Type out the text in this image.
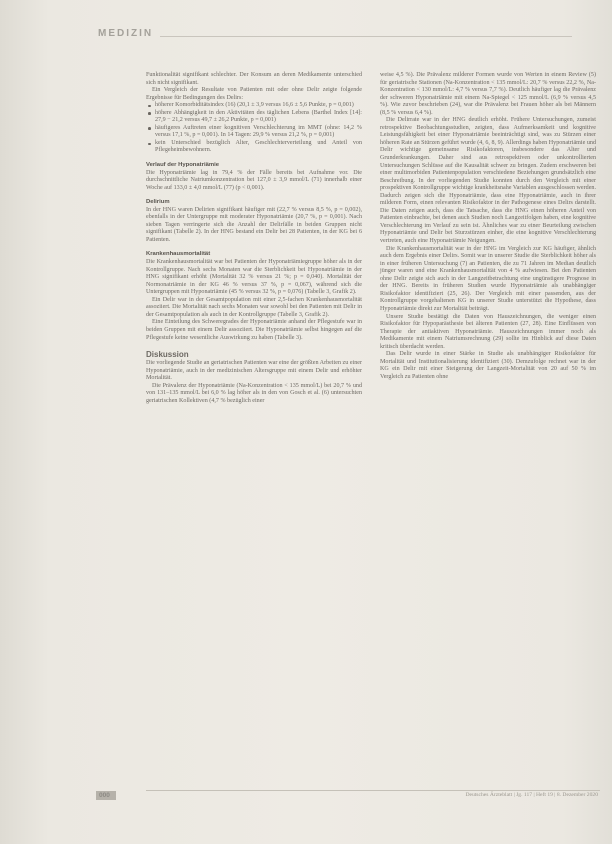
MEDIZIN

Funktionalität signifikant schlechter. Der Konsum an deren Medikamente unterschied sich nicht signifikant.

Ein Vergleich der Resultate von Patienten mit oder ohne Delir zeigte folgende Ergebnisse für Bedingungen des Delirs:

höherer Komorbiditätsindex (16) (20,1 ± 3,9 versus 16,6 ± 5,6 Punkte, p = 0,001)
höhere Abhängigkeit in den Aktivitäten des täglichen Lebens (Barthel Index [14]: 27,9 − 21,2 versus 49,7 ± 26,2 Punkte, p = 0,001)
häufigeres Auftreten einer kognitiven Verschlechterung im MMT (ohne: 14,2 % versus 17,1 %, p = 0,001). In 14 Tagen: 29,9 % versus 21,2 %, p = 0,001)
kein Unterschied bezüglich Alter, Geschlechterverteilung und Anteil von Pflegeheimbewohnern.
Verlauf der Hyponatriämie

Die Hyponatriämie lag in 79,4 % der Fälle bereits bei Aufnahme vor. Die durchschnittliche Natriumkonzentration bei 127,0 ± 3,9 mmol/L (71) innerhalb einer Woche auf 133,0 ± 4,0 mmol/L (77) (p < 0,001).

Delirium

In der HNG waren Delirien signifikant häufiger mit (22,7 % versus 8,5 %, p = 0,002), ebenfalls in der Untergruppe mit moderater Hyponatriämie (20,7 %, p = 0,001). Nach sieben Tagen verringerte sich die Anzahl der Delirfälle in beiden Gruppen nicht signifikant (Tabelle 2). In der HNG bestand ein Delir bei 28 Patienten, in der KG bei 6 Patienten.

Krankenhausmortalität

Die Krankenhausmortalität war bei Patienten der Hyponatriämiegruppe höher als in der Kontrollgruppe. Nach sechs Monaten war die Sterblichkeit bei Hyponatriämie in der HNG signifikant erhöht (Mortalität 32 % versus 21 %; p = 0,040). Mortalität der Normonatriämie in der KG 46 % versus 37 %, p = 0,067), während sich die Untergruppen mit Hyponatriämie (45 % versus 32 %, p = 0,076) (Tabelle 3, Grafik 2).

Ein Delir war in der Gesamtpopulation mit einer 2,5-fachen Krankenhausmortalität assoziiert. Die Mortalität nach sechs Monaten war sowohl bei den Patienten mit Delir in der Gesamtpopulation als auch in der Kontrollgruppe (Tabelle 3, Grafik 2).

Eine Einteilung des Schweregrades der Hyponatriämie anhand der Pflegestufe war in beiden Gruppen mit einem Delir assoziiert. Die Hyponatriämie selbst hingegen auf die Pflegestufe keine wesentliche Auswirkung zu haben (Tabelle 3).

Diskussion

Die vorliegende Studie an geriatrischen Patienten war eine der größten Arbeiten zu einer Hyponatriämie, auch in der medizinischen Altersgruppe mit einem Delir und erhöhter Mortalität.

Die Prävalenz der Hyponatriämie (Na-Konzentration < 135 mmol/L) bei 20,7 % und von 131–135 mmol/L bei 6,0 % lag höher als in den von Gosch et al. (6) untersuchten geriatrischen Kollektiven (4,7 % bezüglich einer

weise 4,5 %). Die Prävalenz milderer Formen wurde von Werten in einem Review (5) für geriatrische Stationen (Na-Konzentration < 135 mmol/L: 20,7 % versus 22,2 %, Na-Konzentration < 130 mmol/L: 4,7 % versus 7,7 %). Deutlich häufiger lag die Prävalenz der schweren Hyponatriämie mit einem Na-Spiegel < 125 mmol/L (6,9 % versus 4,5 %). Wie zuvor beschrieben (24), war die Prävalenz bei Frauen höher als bei Männern (8,5 % versus 6,4 %).

Die Delirrate war in der HNG deutlich erhöht. Frühere Untersuchungen, zumeist retrospektive Beobachtungsstudien, zeigten, dass Aufmerksamkeit und kognitive Leistungsfähigkeit bei einer Hyponatriämie beeinträchtigt sind, was zu Stürzen einer höheren Rate an Stürzen geführt wurde (4, 6, 8, 9). Allerdings haben Hyponatriämie und Delir wichtige gemeinsame Risikofaktoren, insbesondere das Alter und Grunderkrankungen. Daher sind aus retrospektiven oder unkontrollierten Untersuchungen Schlüsse auf die Kausalität schwer zu bringen. Zudem erschweren bei einer multimorbiden Patientenpopulation verschiedene Beziehungen grundsätzlich eine Beschreibung. In der vorliegenden Studie konnten durch den Vergleich mit einer prospektiven Kontrollgruppe wichtige krankheitsnahe Variablen ausgeschlossen werden. Dadurch zeigen sich die Hyponatriämie, dass eine Hyponatriämie, auch in ihrer milderen Form, einen relevanten Risikofaktor in der Pathogenese eines Delirs darstellt. Die Daten zeigen auch, dass die Tatsache, dass die HNG einen höheren Anteil von Patienten einbrachte, bei denen auch Studien noch Langzeitfolgen haben, eine kognitive Verschlechterung im Verlauf zu sein ist. Ähnliches war zu einer Beurteilung zwischen Hyponatriämie und Delir bei Sturzstürzen einher, die eine kognitive Verschlechterung vertreten, auch eine Hyponatriämie Neigungen.

Die Krankenhausmortalität war in der HNG im Vergleich zur KG häufiger, ähnlich auch dem Ergebnis einer Delirs. Somit war in unserer Studie die Sterblichkeit höher als in einer früheren Untersuchung (7) an Patienten, die zu 71 Jahren im Median deutlich jünger waren und eine Krankenhausmortalität von 4 % aufwiesen. Bei den Patienten ohne Delir zeigte sich auch in der Langzeitbetrachtung eine ungünstigere Prognose in der HNG. Bereits in früheren Studien wurde Hyponatriämie als unabhängiger Risikofaktor identifiziert (25, 26). Der Vergleich mit einer passenden, aus der Kontrollgruppe vorgehaltenen KG in unserer Studie unterstützt die Hypothese, dass Hyponatriämie direkt zur Mortalität beiträgt.

Unsere Studie bestätigt die Daten von Hauszeichnungen, die weniger einen Risikofaktor für Hypoparästhesie bei älteren Patienten (27, 28). Eine Einflüssen von Therapie der antiaktiven Hyponatriämie. Hauszeichnungen immer noch als Medikamente mit einem Natriumsrechnung (29) sollte im Hinblick auf diese Daten kritisch überdacht werden.

Das Delir wurde in einer Stärke in Studie als unabhängiger Risikofaktor für Mortalität und Institutionalisierung identifiziert (30). Demzufolge rechnet war in der KG ein Delir mit einer Steigerung der Langzeit-Mortalität von 20 auf 50 % im Vergleich zu Patienten ohne

000	Deutsches Ärzteblatt | Jg. 117 | Heft 19 | 8. Dezember 2020
